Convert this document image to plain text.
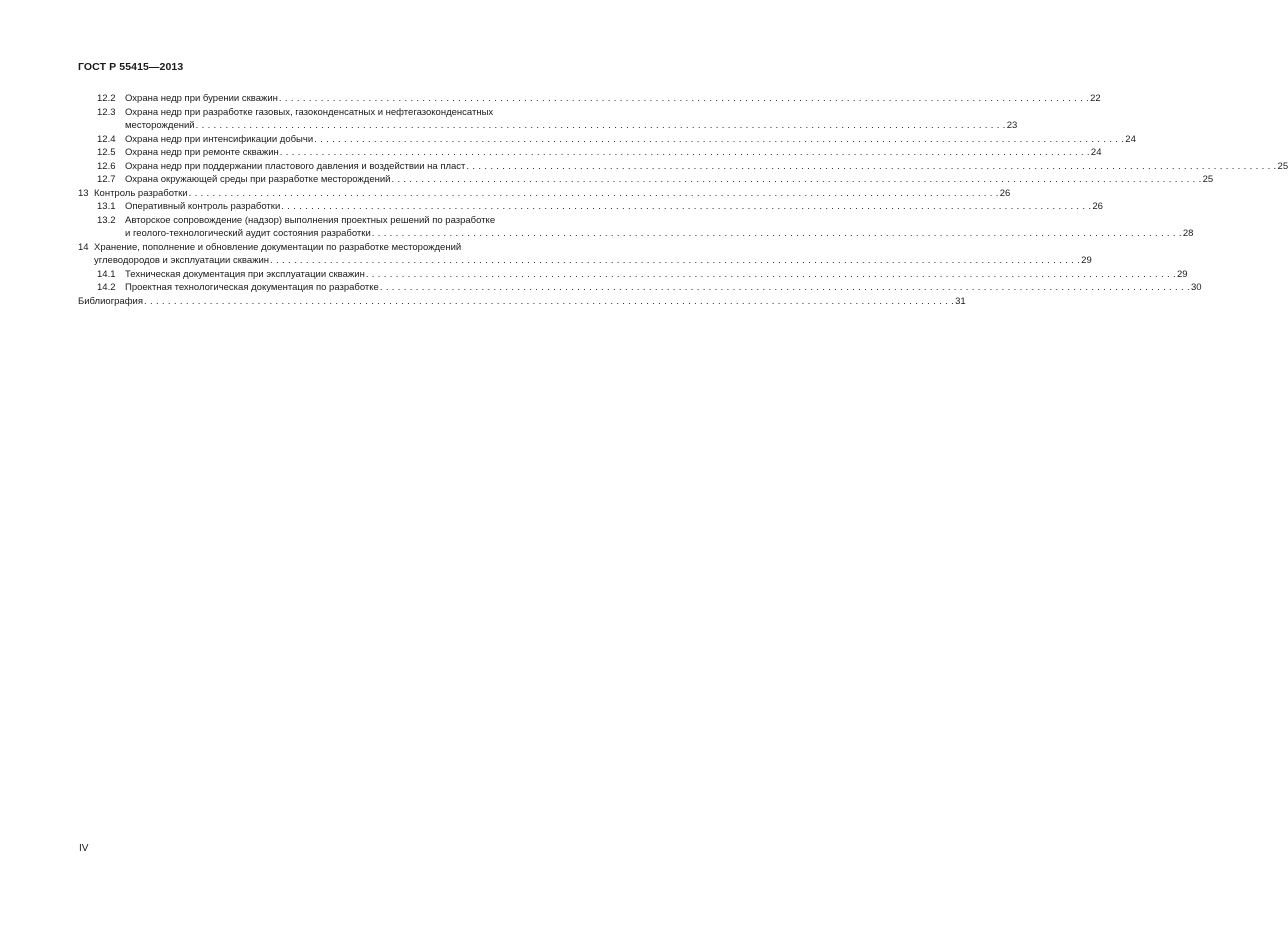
ГОСТ Р 55415—2013
12.2	Охрана недр при бурении скважин . . .	22
12.3	Охрана недр при разработке газовых, газоконденсатных и нефтегазоконденсатных
месторождений . . .	23
12.4	Охрана недр при интенсификации добычи . . .	24
12.5	Охрана недр при ремонте скважин . . .	24
12.6	Охрана недр при поддержании пластового давления и воздействии на пласт . . .	25
12.7	Охрана окружающей среды при разработке месторождений . . .	25
13 Контроль разработки . . .	26
13.1	Оперативный контроль разработки . . .	26
13.2	Авторское сопровождение (надзор) выполнения проектных решений по разработке
и геолого-технологический аудит состояния разработки . . .	28
14 Хранение, пополнение и обновление документации по разработке месторождений
углеводородов и эксплуатации скважин . . .	29
14.1	Техническая документация при эксплуатации скважин . . .	29
14.2	Проектная технологическая документация по разработке . . .	30
Библиография . . .	31
IV
